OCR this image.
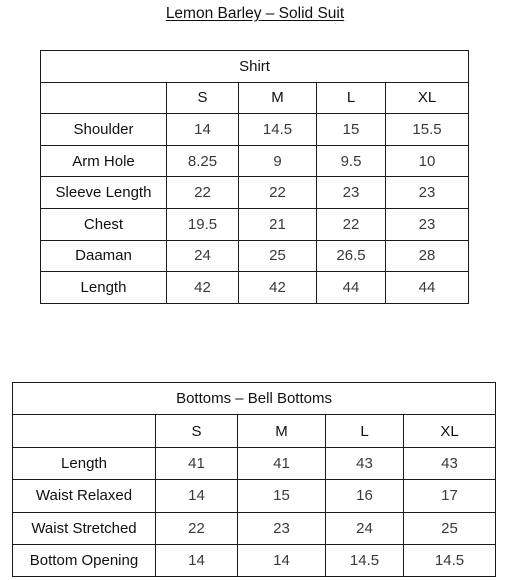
Lemon Barley – Solid Suit
Shirt				
	S	M	L	XL
Shoulder	14	14.5	15	15.5
Arm Hole	8.25	9	9.5	10
Sleeve Length	22	22	23	23
Chest	19.5	21	22	23
Daaman	24	25	26.5	28
Length	42	42	44	44
Bottoms – Bell Bottoms				
	S	M	L	XL
Length	41	41	43	43
Waist Relaxed	14	15	16	17
Waist Stretched	22	23	24	25
Bottom Opening	14	14	14.5	14.5
